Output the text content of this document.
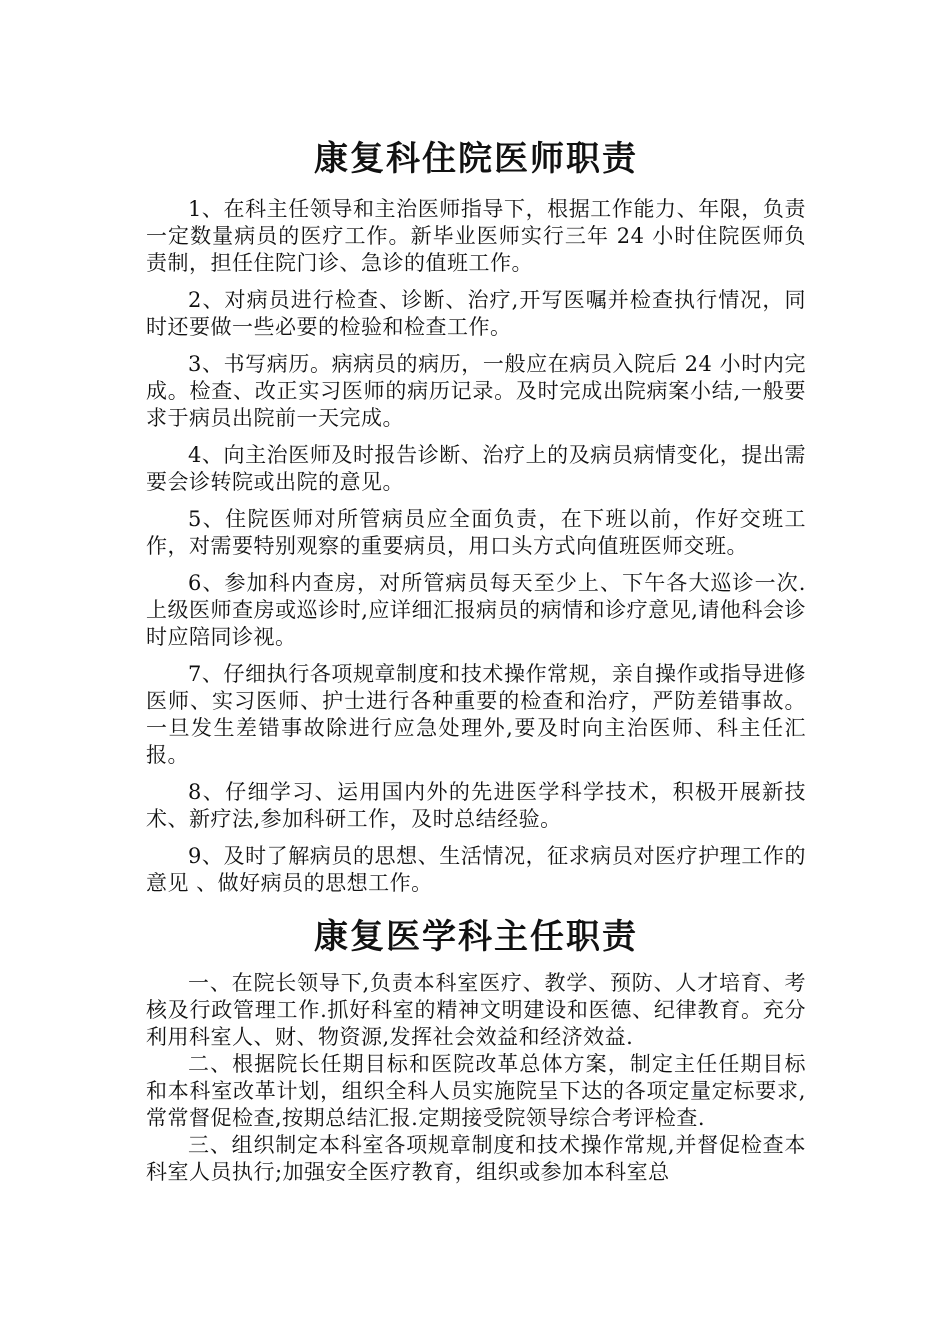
康复科住院医师职责

1、在科主任领导和主治医师指导下，根据工作能力、年限，负责一定数量病员的医疗工作。新毕业医师实行三年 24 小时住院医师负责制，担任住院门诊、急诊的值班工作。

2、对病员进行检查、诊断、治疗,开写医嘱并检查执行情况，同时还要做一些必要的检验和检查工作。

3、书写病历。病病员的病历，一般应在病员入院后 24 小时内完成。检查、改正实习医师的病历记录。及时完成出院病案小结,一般要求于病员出院前一天完成。

4、向主治医师及时报告诊断、治疗上的及病员病情变化，提出需要会诊转院或出院的意见。

5、住院医师对所管病员应全面负责，在下班以前，作好交班工作，对需要特别观察的重要病员，用口头方式向值班医师交班。

6、参加科内查房，对所管病员每天至少上、下午各大巡诊一次.上级医师查房或巡诊时,应详细汇报病员的病情和诊疗意见,请他科会诊时应陪同诊视。

7、仔细执行各项规章制度和技术操作常规，亲自操作或指导进修医师、实习医师、护士进行各种重要的检查和治疗，严防差错事故。一旦发生差错事故除进行应急处理外,要及时向主治医师、科主任汇报。

8、仔细学习、运用国内外的先进医学科学技术，积极开展新技术、新疗法,参加科研工作，及时总结经验。

9、及时了解病员的思想、生活情况，征求病员对医疗护理工作的意见 、做好病员的思想工作。

康复医学科主任职责

一、在院长领导下,负责本科室医疗、教学、预防、人才培育、考核及行政管理工作.抓好科室的精神文明建设和医德、纪律教育。充分利用科室人、财、物资源,发挥社会效益和经济效益.

二、根据院长任期目标和医院改革总体方案，制定主任任期目标和本科室改革计划，组织全科人员实施院呈下达的各项定量定标要求,常常督促检查,按期总结汇报.定期接受院领导综合考评检查.

三、组织制定本科室各项规章制度和技术操作常规,并督促检查本科室人员执行;加强安全医疗教育，组织或参加本科室总
